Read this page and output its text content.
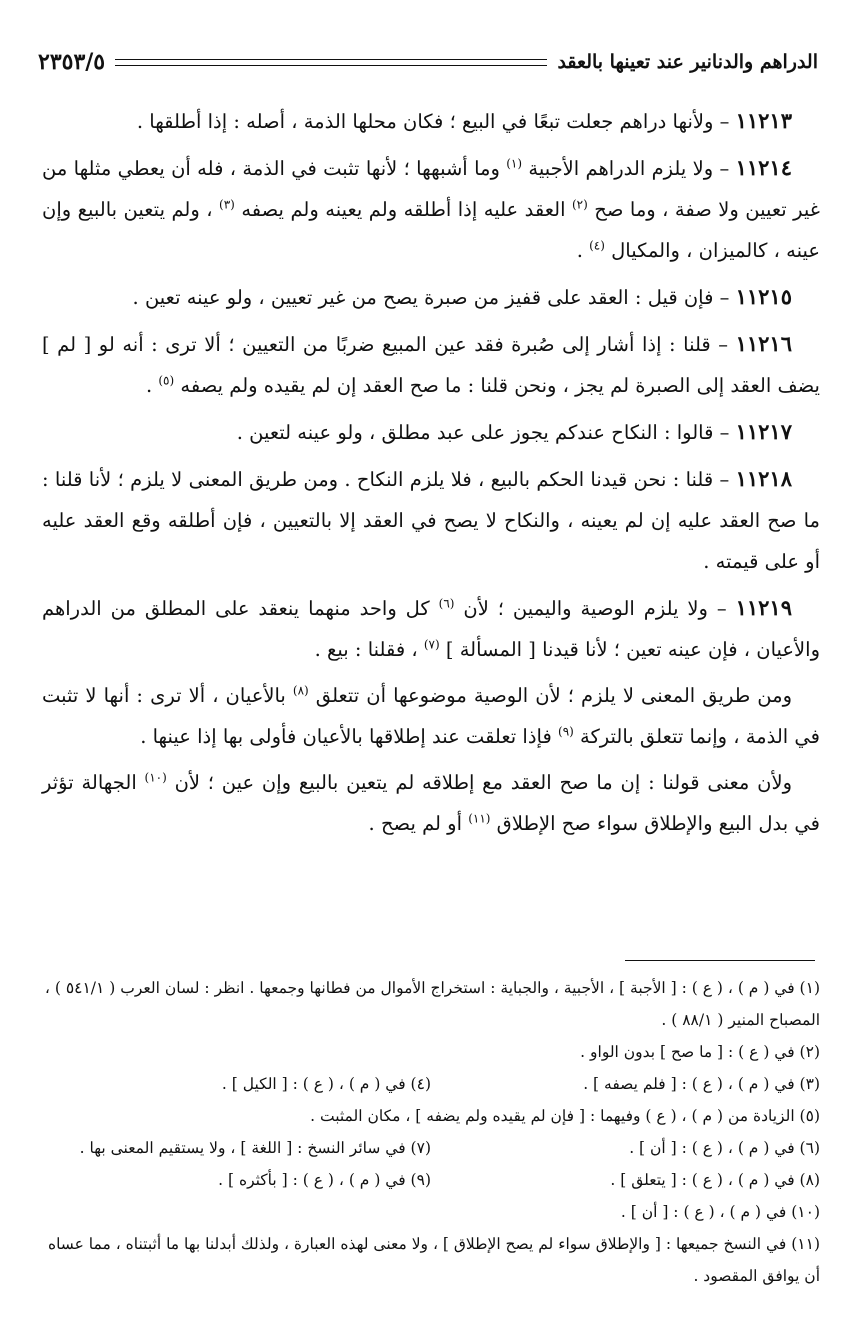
الدراهم والدنانير عند تعينها بالعقد
٢٣٥٣/٥

١١٢١٣ – ولأنها دراهم جعلت تبعًا في البيع ؛ فكان محلها الذمة ، أصله : إذا أطلقها .

١١٢١٤ – ولا يلزم الدراهم الأجبية $^{(١)}$ وما أشبهها ؛ لأنها تثبت في الذمة ، فله أن يعطي مثلها من غير تعيين ولا صفة ، وما صح $^{(٢)}$ العقد عليه إذا أطلقه ولم يعينه ولم يصفه $^{(٣)}$ ، ولم يتعين بالبيع وإن عينه ، كالميزان ، والمكيال $^{(٤)}$ .

١١٢١٥ – فإن قيل : العقد على قفيز من صبرة يصح من غير تعيين ، ولو عينه تعين .

١١٢١٦ – قلنا : إذا أشار إلى صُبرة فقد عين المبيع ضربًا من التعيين ؛ ألا ترى : أنه لو [ لم ] يضف العقد إلى الصبرة لم يجز ، ونحن قلنا : ما صح العقد إن لم يقيده ولم يصفه $^{(٥)}$ .

١١٢١٧ – قالوا : النكاح عندكم يجوز على عبد مطلق ، ولو عينه لتعين .

١١٢١٨ – قلنا : نحن قيدنا الحكم بالبيع ، فلا يلزم النكاح . ومن طريق المعنى لا يلزم ؛ لأنا قلنا : ما صح العقد عليه إن لم يعينه ، والنكاح لا يصح في العقد إلا بالتعيين ، فإن أطلقه وقع العقد عليه أو على قيمته .

١١٢١٩ – ولا يلزم الوصية واليمين ؛ لأن $^{(٦)}$ كل واحد منهما ينعقد على المطلق من الدراهم والأعيان ، فإن عينه تعين ؛ لأنا قيدنا [ المسألة ] $^{(٧)}$ ، فقلنا : بيع .

ومن طريق المعنى لا يلزم ؛ لأن الوصية موضوعها أن تتعلق $^{(٨)}$ بالأعيان ، ألا ترى : أنها لا تثبت في الذمة ، وإنما تتعلق بالتركة $^{(٩)}$ فإذا تعلقت عند إطلاقها بالأعيان فأولى بها إذا عينها .

ولأن معنى قولنا : إن ما صح العقد مع إطلاقه لم يتعين بالبيع وإن عين ؛ لأن $^{(١٠)}$ الجهالة تؤثر في بدل البيع والإطلاق سواء صح الإطلاق $^{(١١)}$ أو لم يصح .

(١) في ( م ) ، ( ع ) : [ الأجبة ] ، الأجبية ، والجباية : استخراج الأموال من فطانها وجمعها . انظر : لسان العرب ( ٥٤١/١ ) ، المصباح المنير ( ٨٨/١ ) .

(٢) في ( ع ) : [ ما صح ] بدون الواو .

(٣) في ( م ) ، ( ع ) : [ فلم يصفه ] .

(٤) في ( م ) ، ( ع ) : [ الكيل ] .

(٥) الزيادة من ( م ) ، ( ع ) وفيهما : [ فإن لم يقيده ولم يضفه ] ، مكان المثبت .

(٦) في ( م ) ، ( ع ) : [ أن ] .

(٧) في سائر النسخ : [ اللغة ] ، ولا يستقيم المعنى بها .

(٨) في ( م ) ، ( ع ) : [ يتعلق ] .

(٩) في ( م ) ، ( ع ) : [ بأكثره ] .

(١٠) في ( م ) ، ( ع ) : [ أن ] .

(١١) في النسخ جميعها : [ والإطلاق سواء لم يصح الإطلاق ] ، ولا معنى لهذه العبارة ، ولذلك أبدلنا بها ما أثبتناه ، مما عساه أن يوافق المقصود .
